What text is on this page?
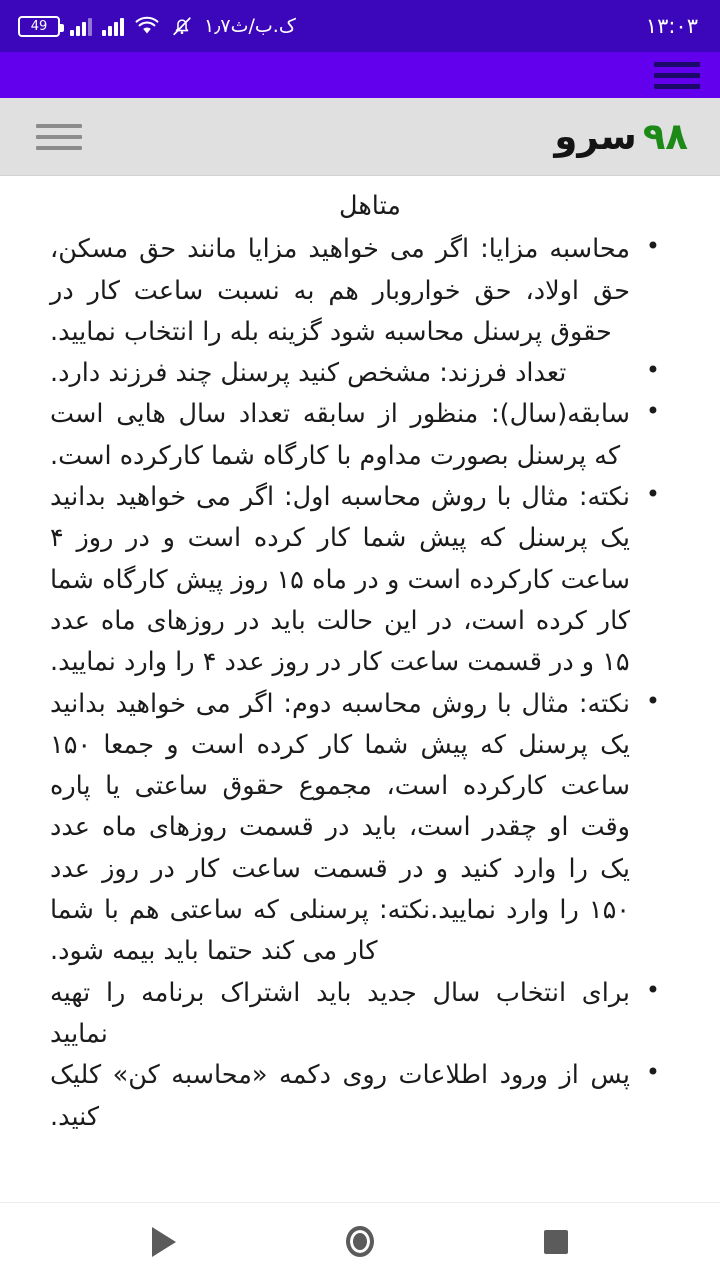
49	۱٫۷ک.ب/ث	۱۳:۰۳
۹۸سرو
متاهل
• محاسبه مزایا: اگر می خواهید مزایا مانند حق مسکن، حق اولاد، حق خواروبار هم به نسبت ساعت کار در حقوق پرسنل محاسبه شود گزینه بله را انتخاب نمایید.
• تعداد فرزند: مشخص کنید پرسنل چند فرزند دارد.
• سابقه(سال): منظور از سابقه تعداد سال هایی است که پرسنل بصورت مداوم با کارگاه شما کارکرده است.
• نکته: مثال با روش محاسبه اول: اگر می خواهید بدانید یک پرسنل که پیش شما کار کرده است و در روز ۴ ساعت کارکرده است و در ماه ۱۵ روز پیش کارگاه شما کار کرده است، در این حالت باید در روزهای ماه عدد ۱۵ و در قسمت ساعت کار در روز عدد ۴ را وارد نمایید.
• نکته: مثال با روش محاسبه دوم: اگر می خواهید بدانید یک پرسنل که پیش شما کار کرده است و جمعا ۱۵۰ ساعت کارکرده است، مجموع حقوق ساعتی یا پاره وقت او چقدر است، باید در قسمت روزهای ماه عدد یک را وارد کنید و در قسمت ساعت کار در روز عدد ۱۵۰ را وارد نمایید.نکته: پرسنلی که ساعتی هم با شما کار می کند حتما باید بیمه شود.
• برای انتخاب سال جدید باید اشتراک برنامه را تهیه نمایید
• پس از ورود اطلاعات روی دکمه «محاسبه کن» کلیک کنید.
